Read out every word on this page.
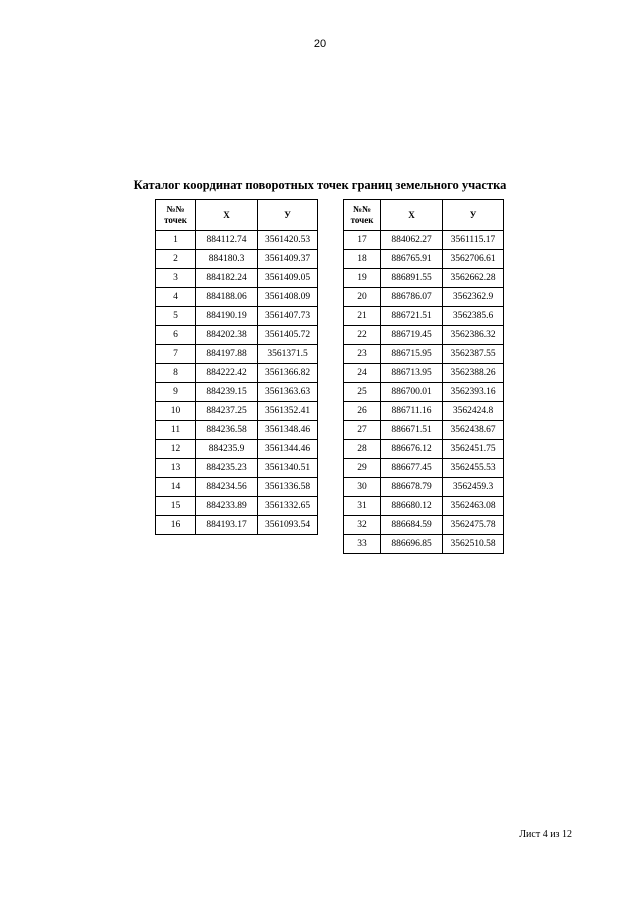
20
Каталог координат поворотных точек границ земельного участка
№№
точек	X	У
1	884112.74	3561420.53
2	884180.3	3561409.37
3	884182.24	3561409.05
4	884188.06	3561408.09
5	884190.19	3561407.73
6	884202.38	3561405.72
7	884197.88	3561371.5
8	884222.42	3561366.82
9	884239.15	3561363.63
10	884237.25	3561352.41
11	884236.58	3561348.46
12	884235.9	3561344.46
13	884235.23	3561340.51
14	884234.56	3561336.58
15	884233.89	3561332.65
16	884193.17	3561093.54
№№
точек	X	У
17	884062.27	3561115.17
18	886765.91	3562706.61
19	886891.55	3562662.28
20	886786.07	3562362.9
21	886721.51	3562385.6
22	886719.45	3562386.32
23	886715.95	3562387.55
24	886713.95	3562388.26
25	886700.01	3562393.16
26	886711.16	3562424.8
27	886671.51	3562438.67
28	886676.12	3562451.75
29	886677.45	3562455.53
30	886678.79	3562459.3
31	886680.12	3562463.08
32	886684.59	3562475.78
33	886696.85	3562510.58
Лист 4 из 12
